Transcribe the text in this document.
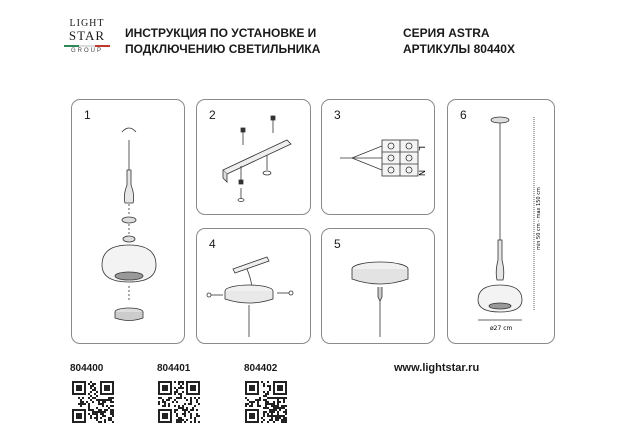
LIGHT
STAR
GROUP
ИНСТРУКЦИЯ ПО УСТАНОВКЕ И
ПОДКЛЮЧЕНИЮ СВЕТИЛЬНИКА
СЕРИЯ ASTRA
АРТИКУЛЫ 80440X
1	2	3
L
N
6
min 50 cm - max 150 cm
ø27 cm
4	5
804400	804401	804402	www.lightstar.ru
